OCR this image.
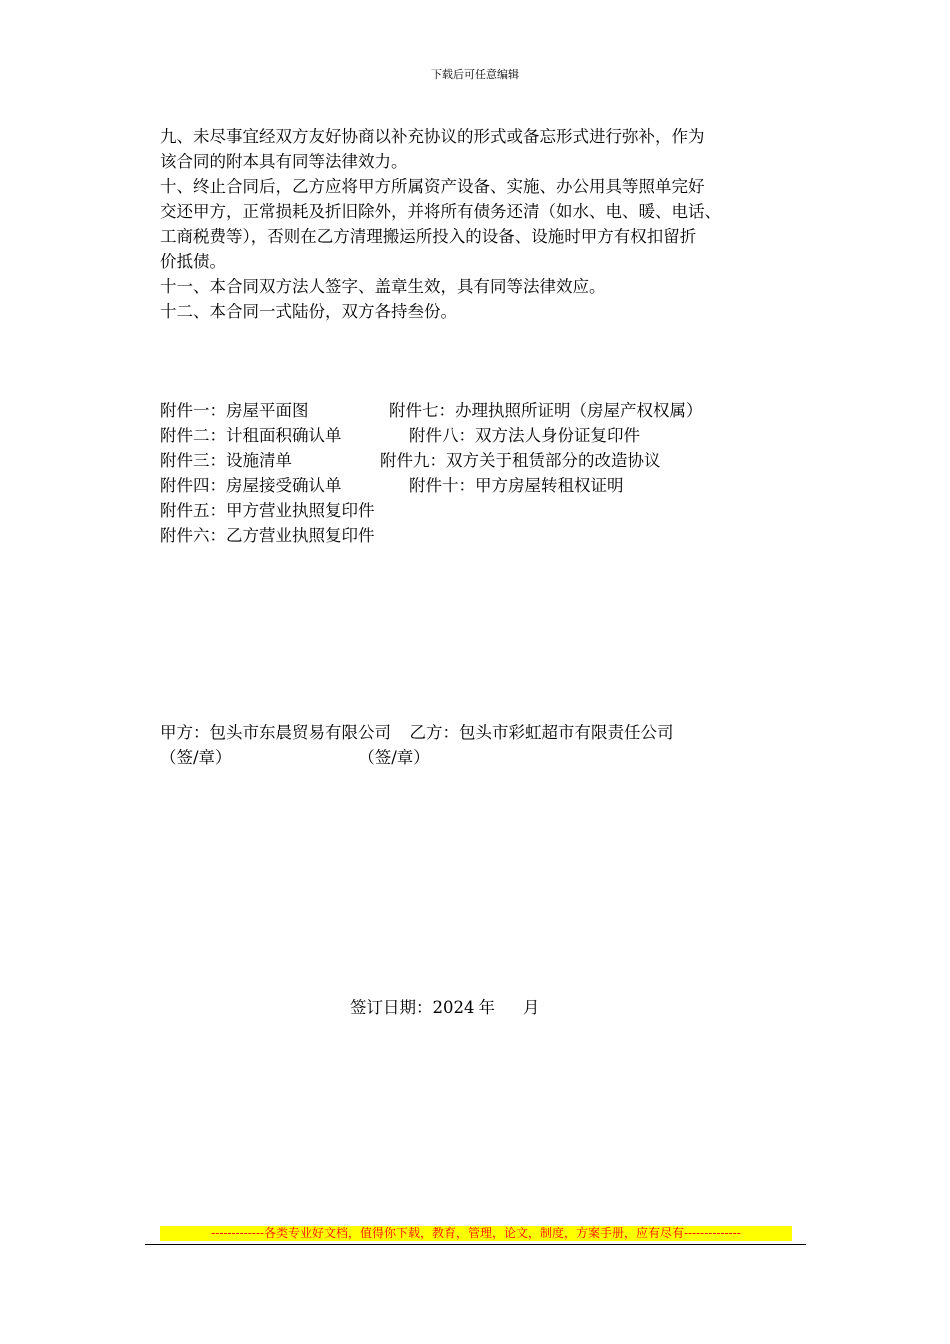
下载后可任意编辑

九、未尽事宜经双方友好协商以补充协议的形式或备忘形式进行弥补，作为
该合同的附本具有同等法律效力。

十、终止合同后，乙方应将甲方所属资产设备、实施、办公用具等照单完好
交还甲方，正常损耗及折旧除外，并将所有债务还清（如水、电、暖、电话、
工商税费等），否则在乙方清理搬运所投入的设备、设施时甲方有权扣留折
价抵债。

十一、本合同双方法人签字、盖章生效，具有同等法律效应。

十二、本合同一式陆份，双方各持叁份。

附件一：房屋平面图	附件七：办理执照所证明（房屋产权权属）
附件二：计租面积确认单	附件八：双方法人身份证复印件
附件三：设施清单	附件九：双方关于租赁部分的改造协议
附件四：房屋接受确认单	附件十：甲方房屋转租权证明
附件五：甲方营业执照复印件
附件六：乙方营业执照复印件
甲方：包头市东晨贸易有限公司 乙方：包头市彩虹超市有限责任公司
（签/章）	（签/章）
签订日期：2024 年 月
-------------各类专业好文档，值得你下载，教育，管理，论文，制度，方案手册，应有尽有--------------
